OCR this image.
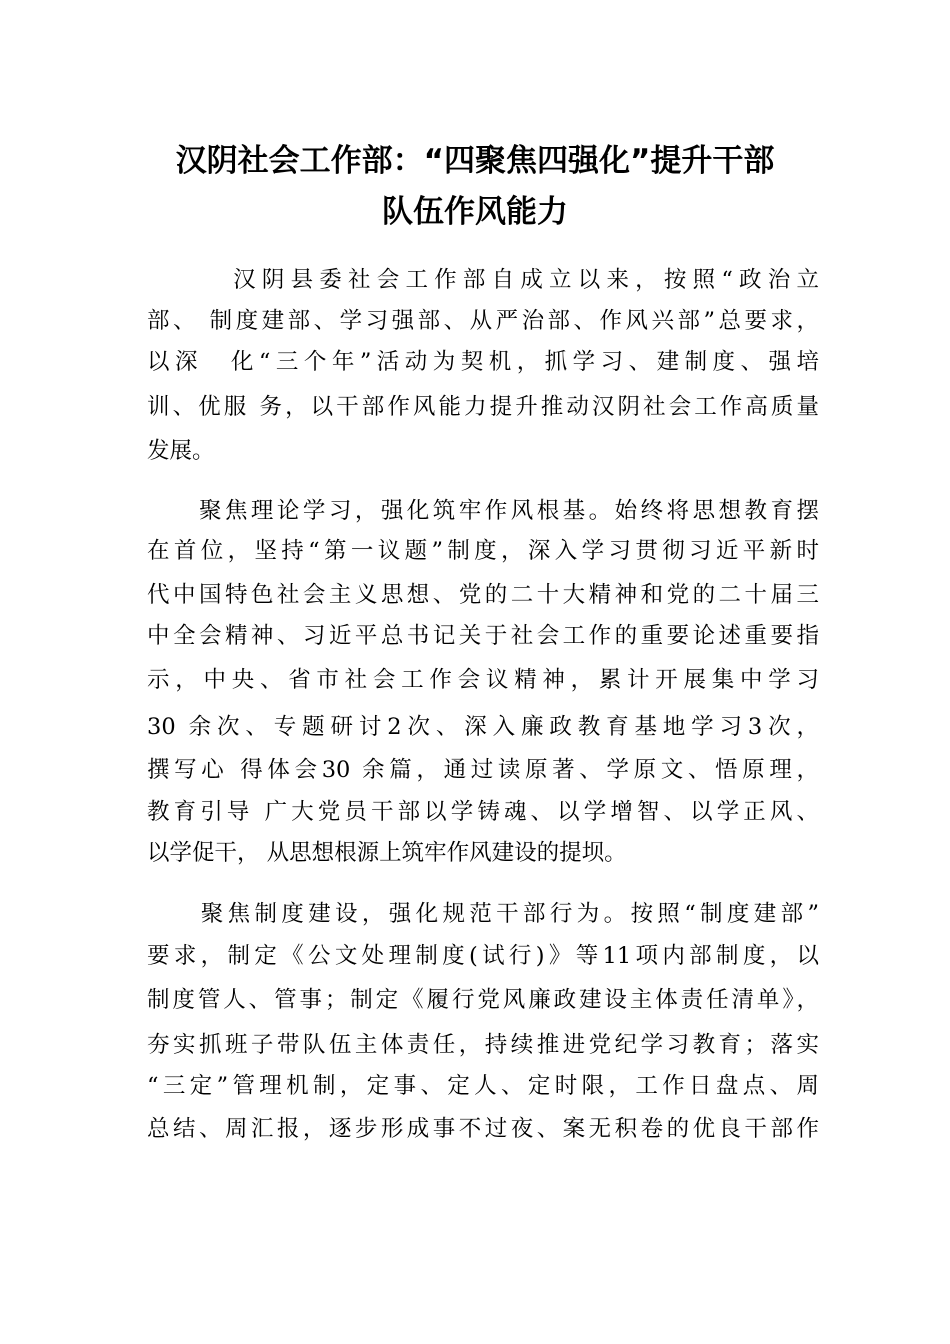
汉阴社会工作部：“四聚焦四强化”提升干部
队伍作风能力
　　　汉阴县委社会工作部自成立以来，按照“政治立
部、 制度建部、学习强部、从严治部、作风兴部”总要求，
以深　化“三个年”活动为契机，抓学习、建制度、强培
训、优服 务，以干部作风能力提升推动汉阴社会工作高质量
发展。
　　聚焦理论学习，强化筑牢作风根基。始终将思想教育摆
在首位，坚持“第一议题”制度，深入学习贯彻习近平新时
代中国特色社会主义思想、党的二十大精神和党的二十届三
中全会精神、习近平总书记关于社会工作的重要论述重要指
示，中央、省市社会工作会议精神，累计开展集中学习
30 余次、专题研讨2次、深入廉政教育基地学习3次，
撰写心 得体会30 余篇，通过读原著、学原文、悟原理，
教育引导 广大党员干部以学铸魂、以学增智、以学正风、
以学促干， 从思想根源上筑牢作风建设的提坝。
　　聚焦制度建设，强化规范干部行为。按照“制度建部”
要求，制定《公文处理制度(试行)》等11项内部制度，以
制度管人、管事；制定《履行党风廉政建设主体责任清单》，
夯实抓班子带队伍主体责任，持续推进党纪学习教育；落实
“三定”管理机制，定事、定人、定时限，工作日盘点、周
总结、周汇报，逐步形成事不过夜、案无积卷的优良干部作
